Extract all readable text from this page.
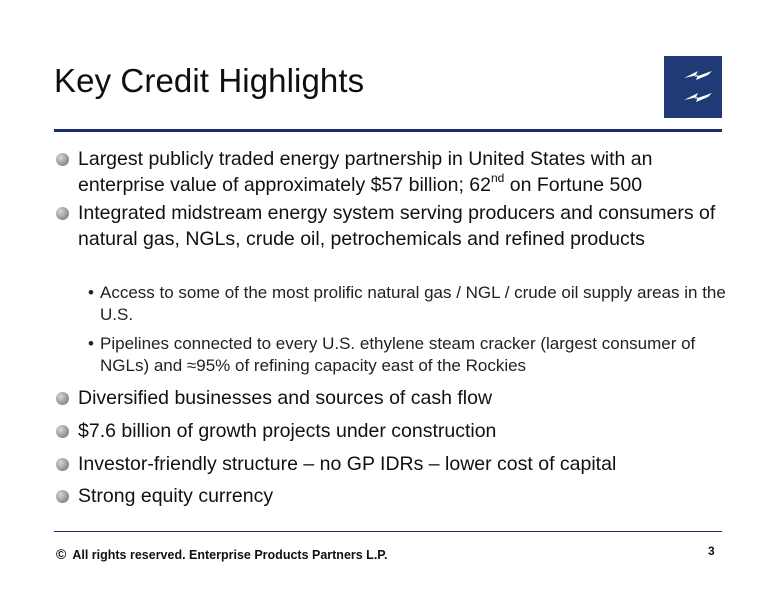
Key Credit Highlights
Largest publicly traded energy partnership in United States with an enterprise value of approximately $57 billion; 62nd on Fortune 500
Integrated midstream energy system serving producers and consumers of natural gas, NGLs, crude oil, petrochemicals and refined products
• Access to some of the most prolific natural gas / NGL / crude oil supply areas in the U.S.
• Pipelines connected to every U.S. ethylene steam cracker (largest consumer of NGLs) and ≈95% of refining capacity east of the Rockies
Diversified businesses and sources of cash flow
$7.6 billion of growth projects under construction
Investor-friendly structure – no GP IDRs – lower cost of capital
Strong equity currency
© All rights reserved. Enterprise Products Partners L.P.	3
